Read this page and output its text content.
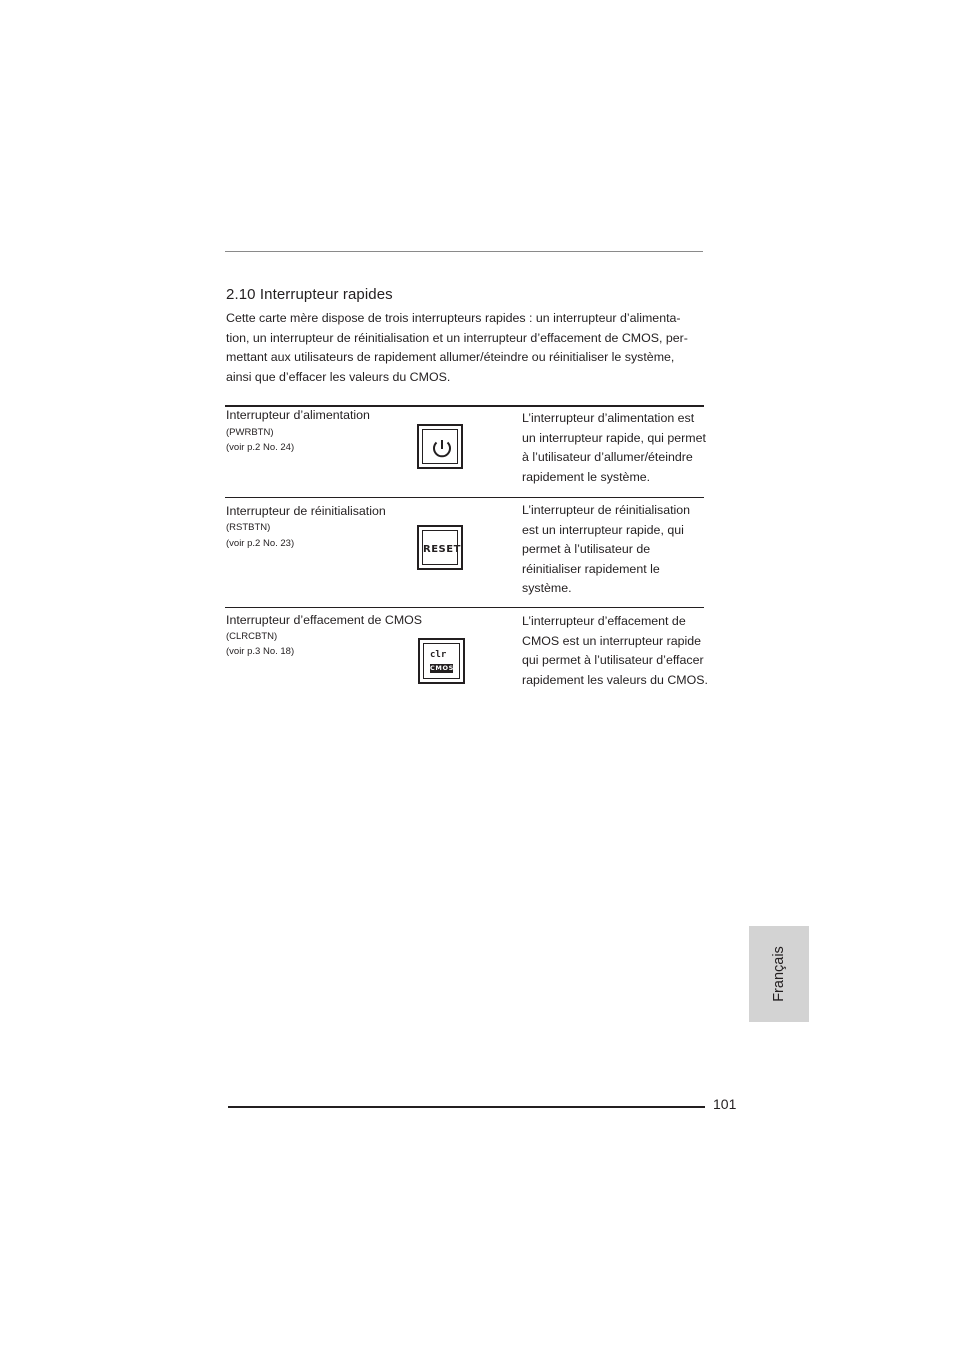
2.10 Interrupteur rapides

Cette carte mère dispose de trois interrupteurs rapides : un interrupteur d’alimenta-

tion, un interrupteur de réinitialisation et un interrupteur d’effacement de CMOS, per-

mettant aux utilisateurs de rapidement allumer/éteindre ou réinitialiser le système,

ainsi que d’effacer les valeurs du CMOS.

Interrupteur d’alimentation
(PWRBTN)
(voir p.2 No. 24)
L’interrupteur d’alimentation est
un interrupteur rapide, qui permet
à l’utilisateur d’allumer/éteindre
rapidement le système.
Interrupteur de réinitialisation
(RSTBTN)
(voir p.2 No. 23)
RESET
L’interrupteur de réinitialisation
est un interrupteur rapide, qui
permet à l’utilisateur de
réinitialiser rapidement le
système.
Interrupteur d’effacement de CMOS
(CLRCBTN)
(voir p.3 No. 18)	clr
CMOS
L’interrupteur d’effacement de
CMOS est un interrupteur rapide
qui permet à l’utilisateur d’effacer
rapidement les valeurs du CMOS.
Français
101
